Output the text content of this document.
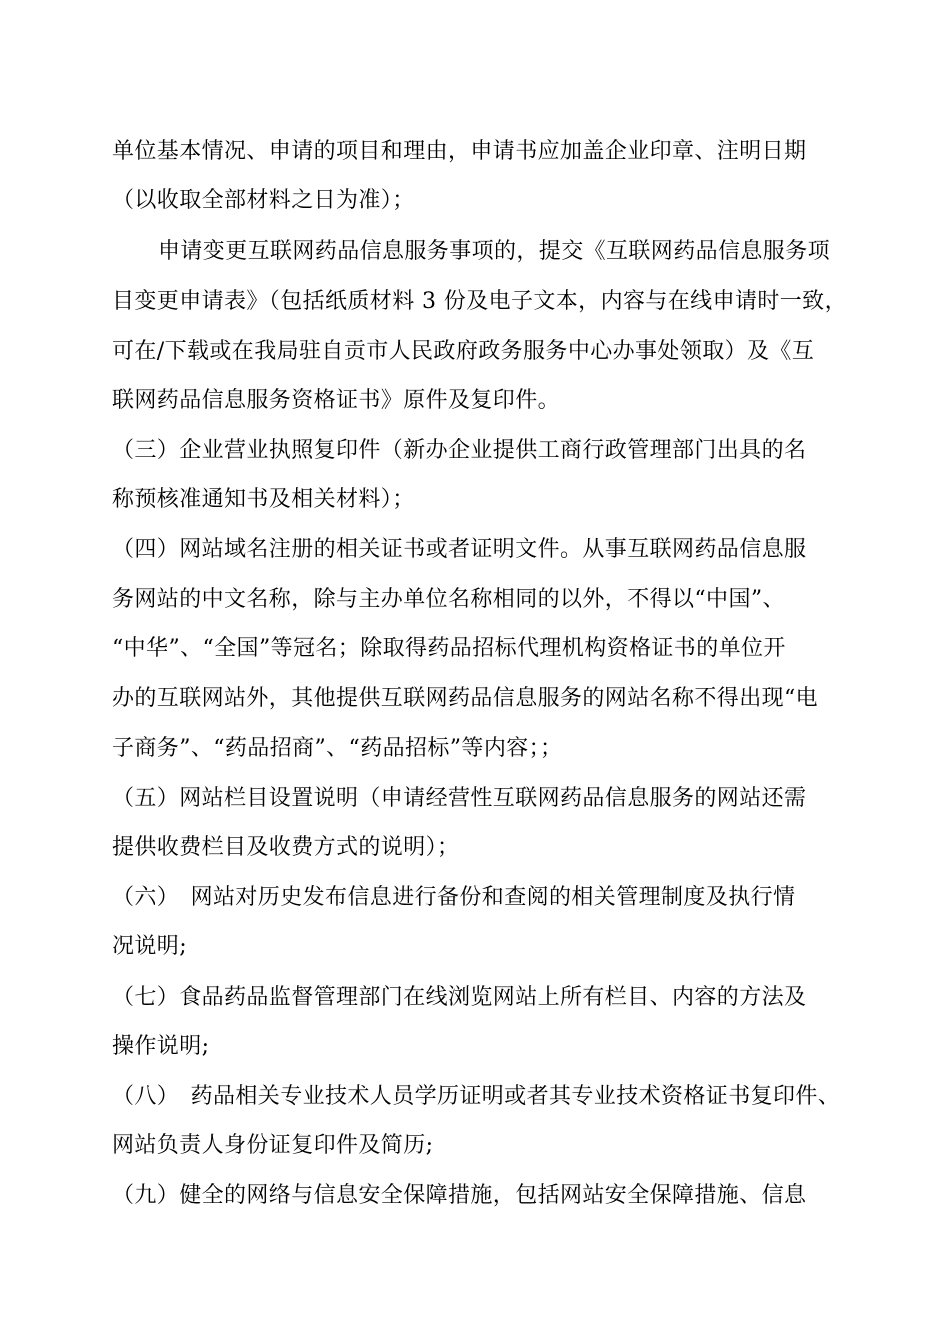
单位基本情况、申请的项目和理由，申请书应加盖企业印章、注明日期
（以收取全部材料之日为准）；
申请变更互联网药品信息服务事项的，提交《互联网药品信息服务项
目变更申请表》（包括纸质材料 3 份及电子文本，内容与在线申请时一致，
可在/下载或在我局驻自贡市人民政府政务服务中心办事处领取）及《互
联网药品信息服务资格证书》原件及复印件。
（三）企业营业执照复印件（新办企业提供工商行政管理部门出具的名
称预核准通知书及相关材料）；
（四）网站域名注册的相关证书或者证明文件。从事互联网药品信息服
务网站的中文名称，除与主办单位名称相同的以外，不得以“中国”、
“中华”、“全国”等冠名；除取得药品招标代理机构资格证书的单位开
办的互联网站外，其他提供互联网药品信息服务的网站名称不得出现“电
子商务”、“药品招商”、“药品招标”等内容；；
（五）网站栏目设置说明（申请经营性互联网药品信息服务的网站还需
提供收费栏目及收费方式的说明）；
（六）　网站对历史发布信息进行备份和查阅的相关管理制度及执行情
况说明;
（七）食品药品监督管理部门在线浏览网站上所有栏目、内容的方法及
操作说明;
（八）　药品相关专业技术人员学历证明或者其专业技术资格证书复印件、
网站负责人身份证复印件及简历;
（九）健全的网络与信息安全保障措施，包括网站安全保障措施、信息
